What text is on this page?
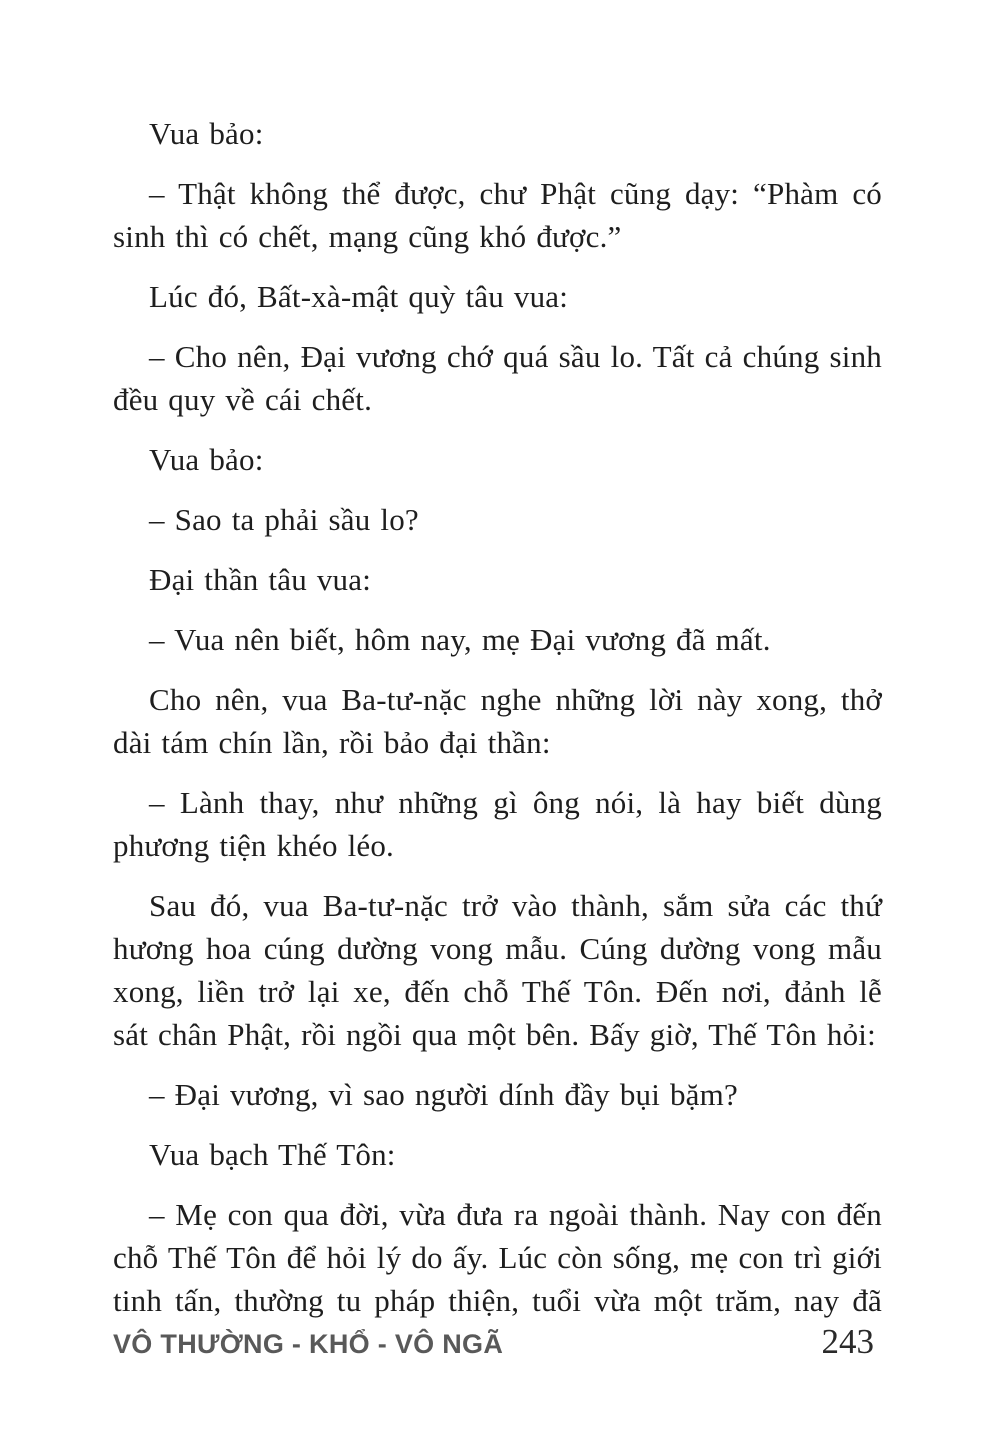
Vua bảo:

– Thật không thể được, chư Phật cũng dạy: “Phàm có sinh thì có chết, mạng cũng khó được.”

Lúc đó, Bất-xà-mật quỳ tâu vua:

– Cho nên, Đại vương chớ quá sầu lo. Tất cả chúng sinh đều quy về cái chết.

Vua bảo:

– Sao ta phải sầu lo?

Đại thần tâu vua:

– Vua nên biết, hôm nay, mẹ Đại vương đã mất.

Cho nên, vua Ba-tư-nặc nghe những lời này xong, thở dài tám chín lần, rồi bảo đại thần:

– Lành thay, như những gì ông nói, là hay biết dùng phương tiện khéo léo.

Sau đó, vua Ba-tư-nặc trở vào thành, sắm sửa các thứ hương hoa cúng dường vong mẫu. Cúng dường vong mẫu xong, liền trở lại xe, đến chỗ Thế Tôn. Đến nơi, đảnh lễ sát chân Phật, rồi ngồi qua một bên. Bấy giờ, Thế Tôn hỏi:

– Đại vương, vì sao người dính đầy bụi bặm?

Vua bạch Thế Tôn:

– Mẹ con qua đời, vừa đưa ra ngoài thành. Nay con đến chỗ Thế Tôn để hỏi lý do ấy. Lúc còn sống, mẹ con trì giới tinh tấn, thường tu pháp thiện, tuổi vừa một trăm, nay đã

VÔ THƯỜNG - KHỔ - VÔ NGÃ	243
